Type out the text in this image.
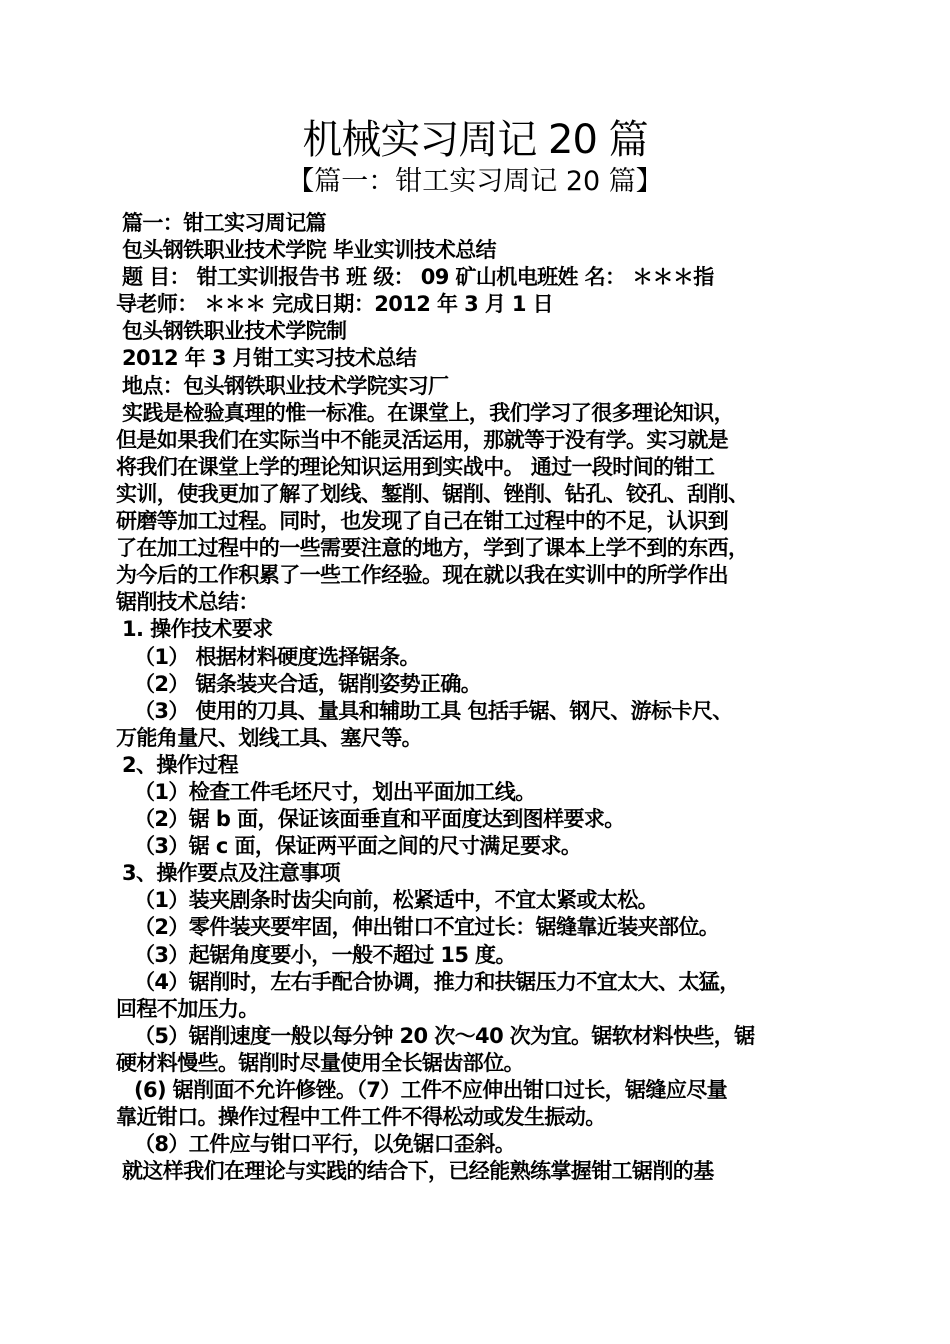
机械实习周记 20 篇
【篇一：钳工实习周记 20 篇】
篇一：钳工实习周记篇
包头钢铁职业技术学院 毕业实训技术总结
题 目： 钳工实训报告书 班 级： 09 矿山机电班姓 名： ＊＊＊指
导老师： ＊＊＊ 完成日期：2012 年 3 月 1 日
包头钢铁职业技术学院制
2012 年 3 月钳工实习技术总结
地点：包头钢铁职业技术学院实习厂
实践是检验真理的惟一标准。在课堂上，我们学习了很多理论知识，
但是如果我们在实际当中不能灵活运用，那就等于没有学。实习就是
将我们在课堂上学的理论知识运用到实战中。 通过一段时间的钳工
实训，使我更加了解了划线、錾削、锯削、锉削、钻孔、铰孔、刮削、
研磨等加工过程。同时，也发现了自己在钳工过程中的不足，认识到
了在加工过程中的一些需要注意的地方，学到了课本上学不到的东西，
为今后的工作积累了一些工作经验。现在就以我在实训中的所学作出
锯削技术总结：
1. 操作技术要求
（1） 根据材料硬度选择锯条。
（2） 锯条装夹合适，锯削姿势正确。
（3） 使用的刀具、量具和辅助工具 包括手锯、钢尺、游标卡尺、
万能角量尺、划线工具、塞尺等。
2、操作过程
（1）检查工件毛坯尺寸，划出平面加工线。
（2）锯 b 面，保证该面垂直和平面度达到图样要求。
（3）锯 c 面，保证两平面之间的尺寸满足要求。
3、操作要点及注意事项
（1）装夹剧条时齿尖向前，松紧适中，不宜太紧或太松。
（2）零件装夹要牢固，伸出钳口不宜过长：锯缝靠近装夹部位。
（3）起锯角度要小，一般不超过 15 度。
（4）锯削时，左右手配合协调，推力和扶锯压力不宜太大、太猛，
回程不加压力。
（5）锯削速度一般以每分钟 20 次～40 次为宜。锯软材料快些，锯
硬材料慢些。锯削时尽量使用全长锯齿部位。
(6) 锯削面不允许修锉。（7）工件不应伸出钳口过长，锯缝应尽量
靠近钳口。操作过程中工件工件不得松动或发生振动。
（8）工件应与钳口平行，以免锯口歪斜。
就这样我们在理论与实践的结合下，已经能熟练掌握钳工锯削的基
